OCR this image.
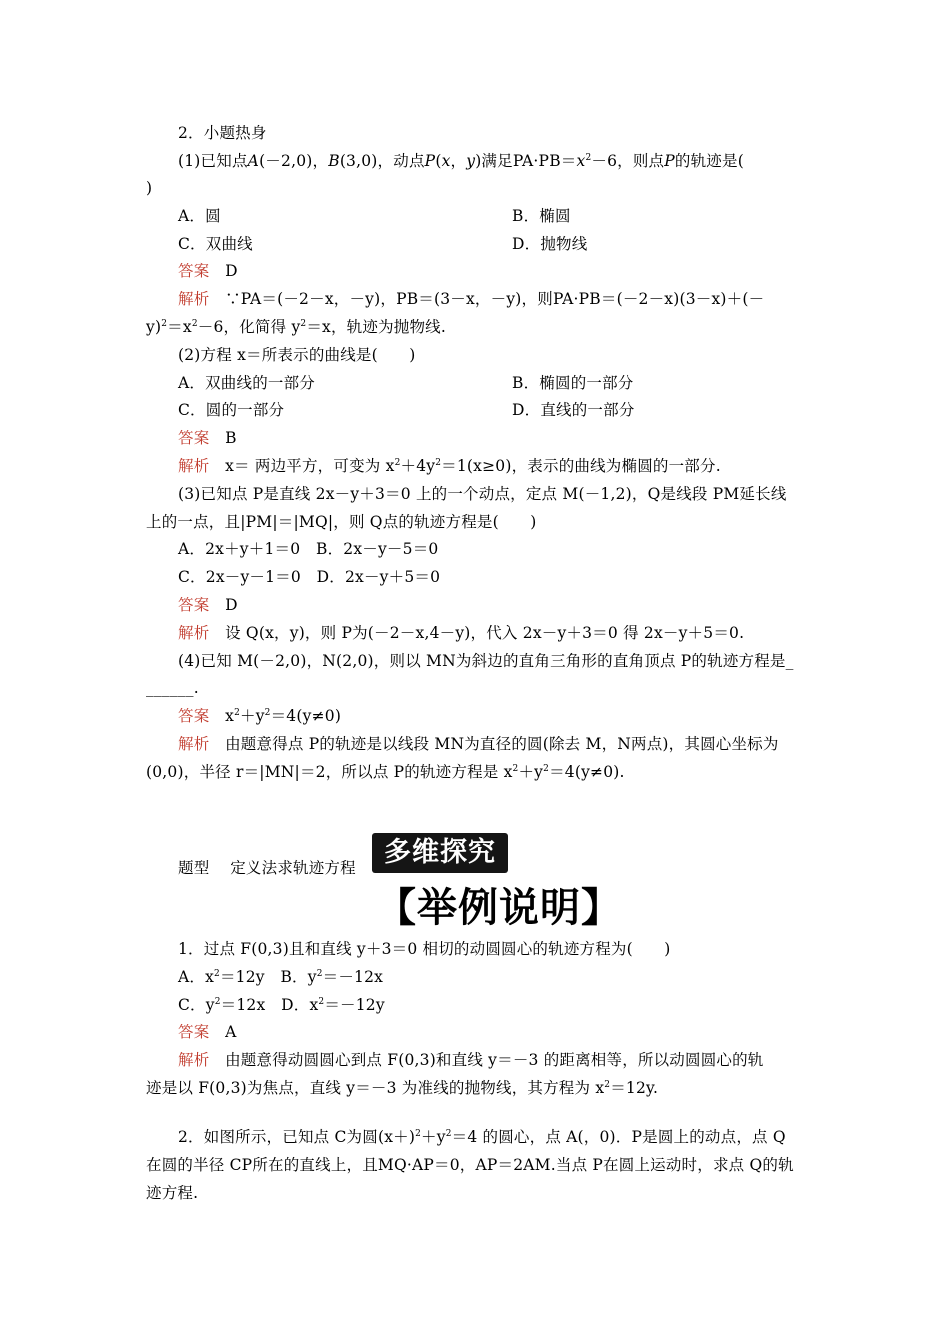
2．小题热身
(1)已知点A(－2,0)，B(3,0)，动点P(x，y)满足$PA\cdot PB=x^2-6$，则点P的轨迹是(
)
A．圆	B．椭圆
C．双曲线	D．抛物线
答案　 D
解析　 ∵PA＝(－2－x，－y)，PB＝(3－x，－y)，则PA·PB＝(－2－x)(3－x)＋(－
$y)^2=x^2-6$，化简得 $y^2=x$，轨迹为抛物线.
(2)方程 x＝所表示的曲线是(　　)
A．双曲线的一部分	B．椭圆的一部分
C．圆的一部分	D．直线的一部分
答案　 B
解析　 x＝ 两边平方，可变为 $x^2+4y^2=1(x\ge 0)$，表示的曲线为椭圆的一部分.
(3)已知点 P是直线 2x－y＋3＝0 上的一个动点，定点 M(－1,2)，Q是线段 PM延长线
上的一点，且|PM|＝|MQ|，则 Q点的轨迹方程是(　　)
A．2x＋y＋1＝0　B．2x－y－5＝0
C．2x－y－1＝0　D．2x－y＋5＝0
答案　 D
解析　 设 Q(x，y)，则 P为(－2－x,4－y)，代入 2x－y＋3＝0 得 2x－y＋5＝0.
(4)已知 M(－2,0)，N(2,0)，则以 MN为斜边的直角三角形的直角顶点 P的轨迹方程是_
______.
答案　 $x^2+y^2=4(y\ne 0)$
解析　 由题意得点 P的轨迹是以线段 MN为直径的圆(除去 M，N两点)，其圆心坐标为
(0,0)，半径 r＝|MN|＝2，所以点 P的轨迹方程是 $x^2+y^2=4(y\ne 0)$.
题型　 定义法求轨迹方程	多维探究
【举例说明】
1．过点 F(0,3)且和直线 y＋3＝0 相切的动圆圆心的轨迹方程为(　　)
A．$x^2=12y$　B．$y^2=-12x$
C．$y^2=12x$　D．$x^2=-12y$
答案　 A
解析　 由题意得动圆圆心到点 F(0,3)和直线 y＝－3 的距离相等，所以动圆圆心的轨
迹是以 F(0,3)为焦点，直线 y＝－3 为准线的抛物线，其方程为 $x^2=12y$.
2．如图所示，已知点 C为圆$(x+)^2+y^2=4$ 的圆心，点 A(，0)．P是圆上的动点，点 Q
在圆的半径 CP所在的直线上，且MQ·AP＝0，AP＝2AM.当点 P在圆上运动时，求点 Q的轨
迹方程.
